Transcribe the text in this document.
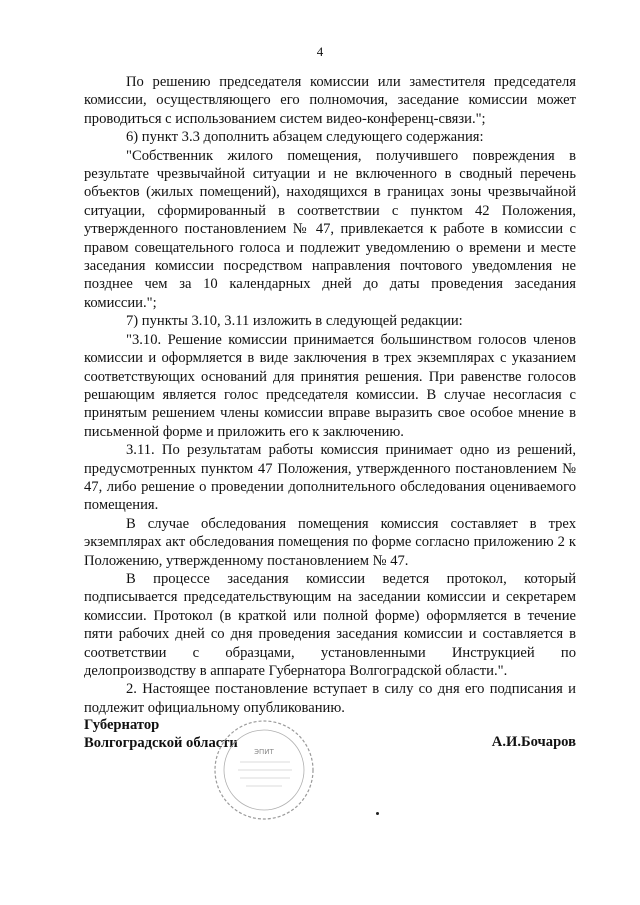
4

По решению председателя комиссии или заместителя председателя комиссии, осуществляющего его полномочия, заседание комиссии может проводиться с использованием систем видео-конференц-связи.";

6) пункт 3.3 дополнить абзацем следующего содержания:

"Собственник жилого помещения, получившего повреждения в результате чрезвычайной ситуации и не включенного в сводный перечень объектов (жилых помещений), находящихся в границах зоны чрезвычайной ситуации, сформированный в соответствии с пунктом 42 Положения, утвержденного постановлением № 47, привлекается к работе в комиссии с правом совещательного голоса и подлежит уведомлению о времени и месте заседания комиссии посредством направления почтового уведомления не позднее чем за 10 календарных дней до даты проведения заседания комиссии.";

7) пункты 3.10, 3.11 изложить в следующей редакции:

"3.10. Решение комиссии принимается большинством голосов членов комиссии и оформляется в виде заключения в трех экземплярах с указанием соответствующих оснований для принятия решения. При равенстве голосов решающим является голос председателя комиссии. В случае несогласия с принятым решением члены комиссии вправе выразить свое особое мнение в письменной форме и приложить его к заключению.

3.11. По результатам работы комиссия принимает одно из решений, предусмотренных пунктом 47 Положения, утвержденного постановлением № 47, либо решение о проведении дополнительного обследования оцениваемого помещения.

В случае обследования помещения комиссия составляет в трех экземплярах акт обследования помещения по форме согласно приложению 2 к Положению, утвержденному постановлением № 47.

В процессе заседания комиссии ведется протокол, который подписывается председательствующим на заседании комиссии и секретарем комиссии. Протокол (в краткой или полной форме) оформляется в течение пяти рабочих дней со дня проведения заседания комиссии и составляется в соответствии с образцами, установленными Инструкцией по делопроизводству в аппарате Губернатора Волгоградской области.".

2. Настоящее постановление вступает в силу со дня его подписания и подлежит официальному опубликованию.

Губернатор
Волгоградской области
ЭПИТ
А.И.Бочаров
